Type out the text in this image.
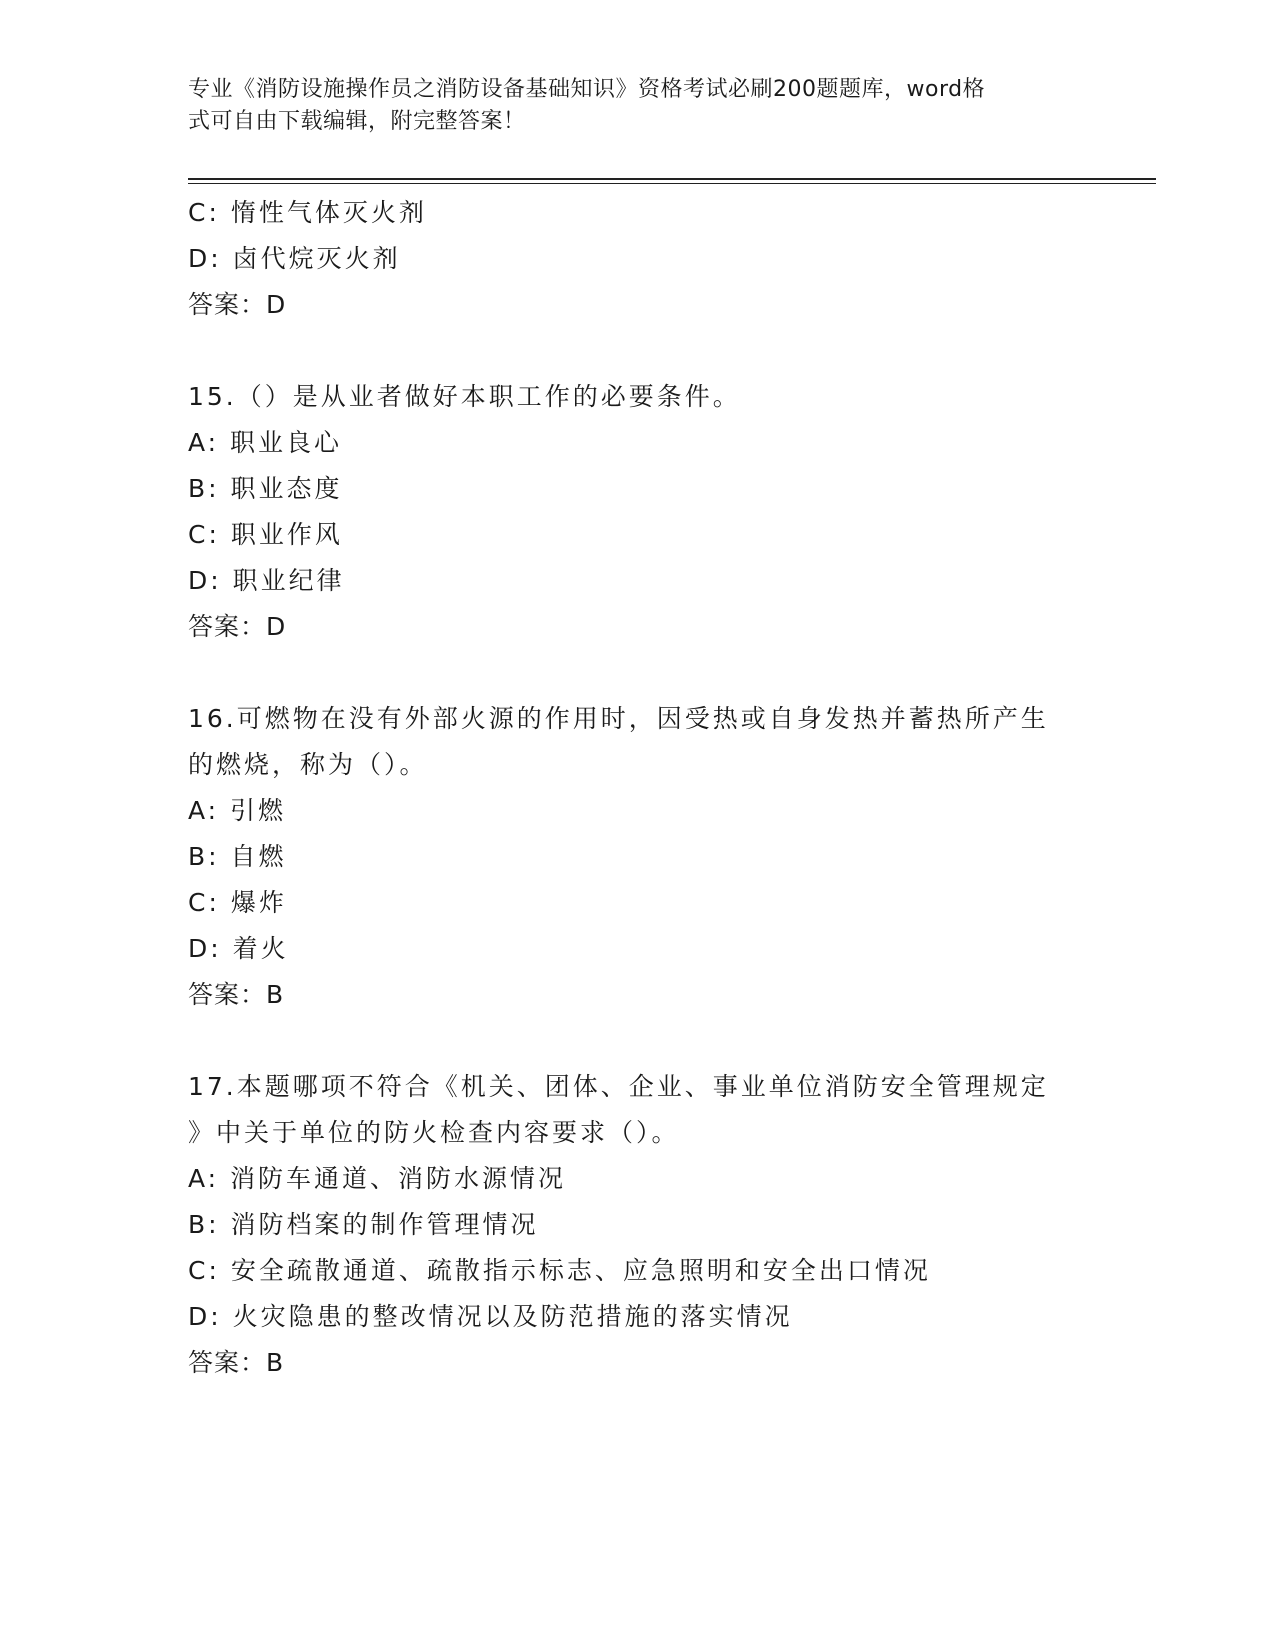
专业《消防设施操作员之消防设备基础知识》资格考试必刷200题题库，word格
式可自由下载编辑，附完整答案！
C: 惰性气体灭火剂
D: 卤代烷灭火剂
答案：D
15.（）是从业者做好本职工作的必要条件。
A: 职业良心
B: 职业态度
C: 职业作风
D: 职业纪律
答案：D
16.可燃物在没有外部火源的作用时，因受热或自身发热并蓄热所产生
的燃烧，称为（）。
A: 引燃
B: 自燃
C: 爆炸
D: 着火
答案：B
17.本题哪项不符合《机关、团体、企业、事业单位消防安全管理规定
》中关于单位的防火检查内容要求（）。
A: 消防车通道、消防水源情况
B: 消防档案的制作管理情况
C: 安全疏散通道、疏散指示标志、应急照明和安全出口情况
D: 火灾隐患的整改情况以及防范措施的落实情况
答案：B
